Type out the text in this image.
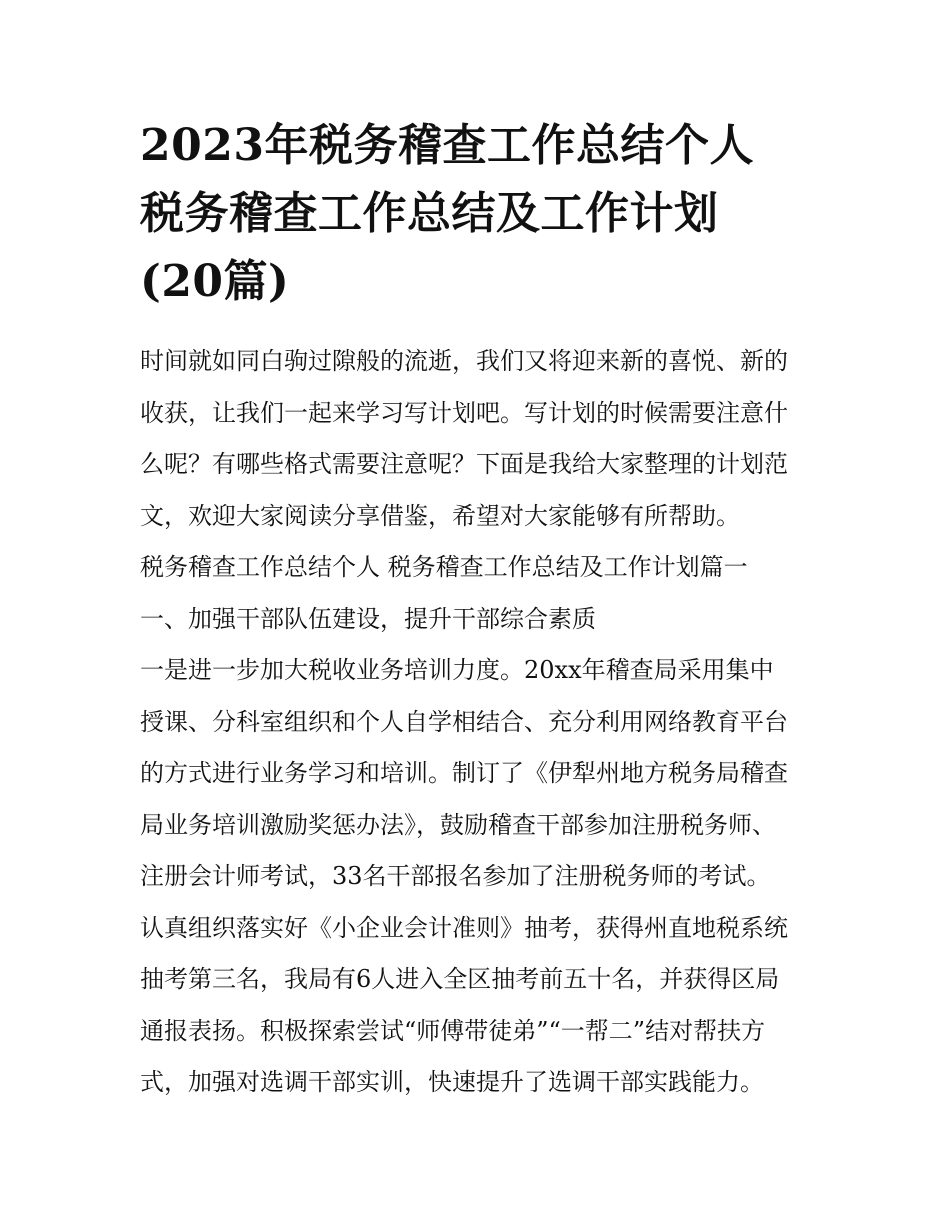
2023年税务稽查工作总结个人
税务稽查工作总结及工作计划
(20篇)
时间就如同白驹过隙般的流逝，我们又将迎来新的喜悦、新的
收获，让我们一起来学习写计划吧。写计划的时候需要注意什
么呢？有哪些格式需要注意呢？下面是我给大家整理的计划范
文，欢迎大家阅读分享借鉴，希望对大家能够有所帮助。
税务稽查工作总结个人 税务稽查工作总结及工作计划篇一
一、加强干部队伍建设，提升干部综合素质
一是进一步加大税收业务培训力度。20xx年稽查局采用集中
授课、分科室组织和个人自学相结合、充分利用网络教育平台
的方式进行业务学习和培训。制订了《伊犁州地方税务局稽查
局业务培训激励奖惩办法》，鼓励稽查干部参加注册税务师、
注册会计师考试，33名干部报名参加了注册税务师的考试。
认真组织落实好《小企业会计准则》抽考，获得州直地税系统
抽考第三名，我局有6人进入全区抽考前五十名，并获得区局
通报表扬。积极探索尝试“师傅带徒弟”“一帮二”结对帮扶方
式，加强对选调干部实训，快速提升了选调干部实践能力。
